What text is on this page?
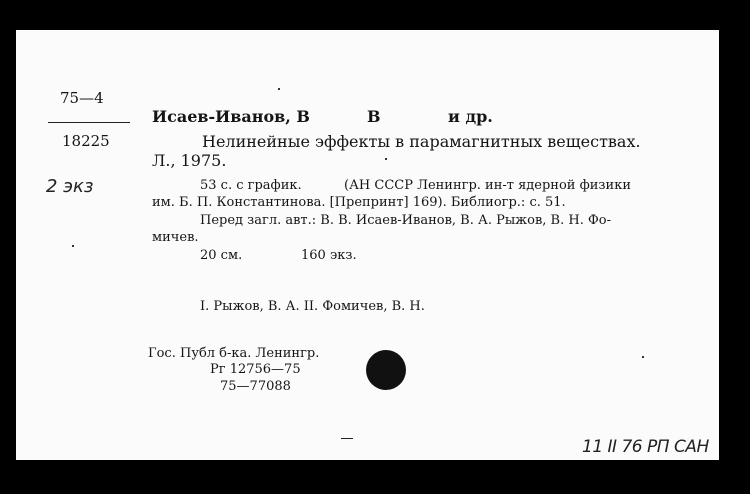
75—4
18225
2 экз
Исаев-Иванов, В	В	и др.
Нелинейные эффекты в парамагнитных веществах.
Л., 1975.
53 с. с график.	(АН СССР Ленингр. ин-т ядерной физики
им. Б. П. Константинова. [Препринт] 169). Библиогр.: с. 51.
Перед загл. авт.: В. В. Исаев-Иванов, В. А. Рыжов, В. Н. Фо-
мичев.
20 см.	160 экз.
I. Рыжов, В. А. II. Фомичев, В. Н.
Гос. Публ б-ка. Ленингр.
Рг 12756—75
75—77088
11 II 76 РП САН
